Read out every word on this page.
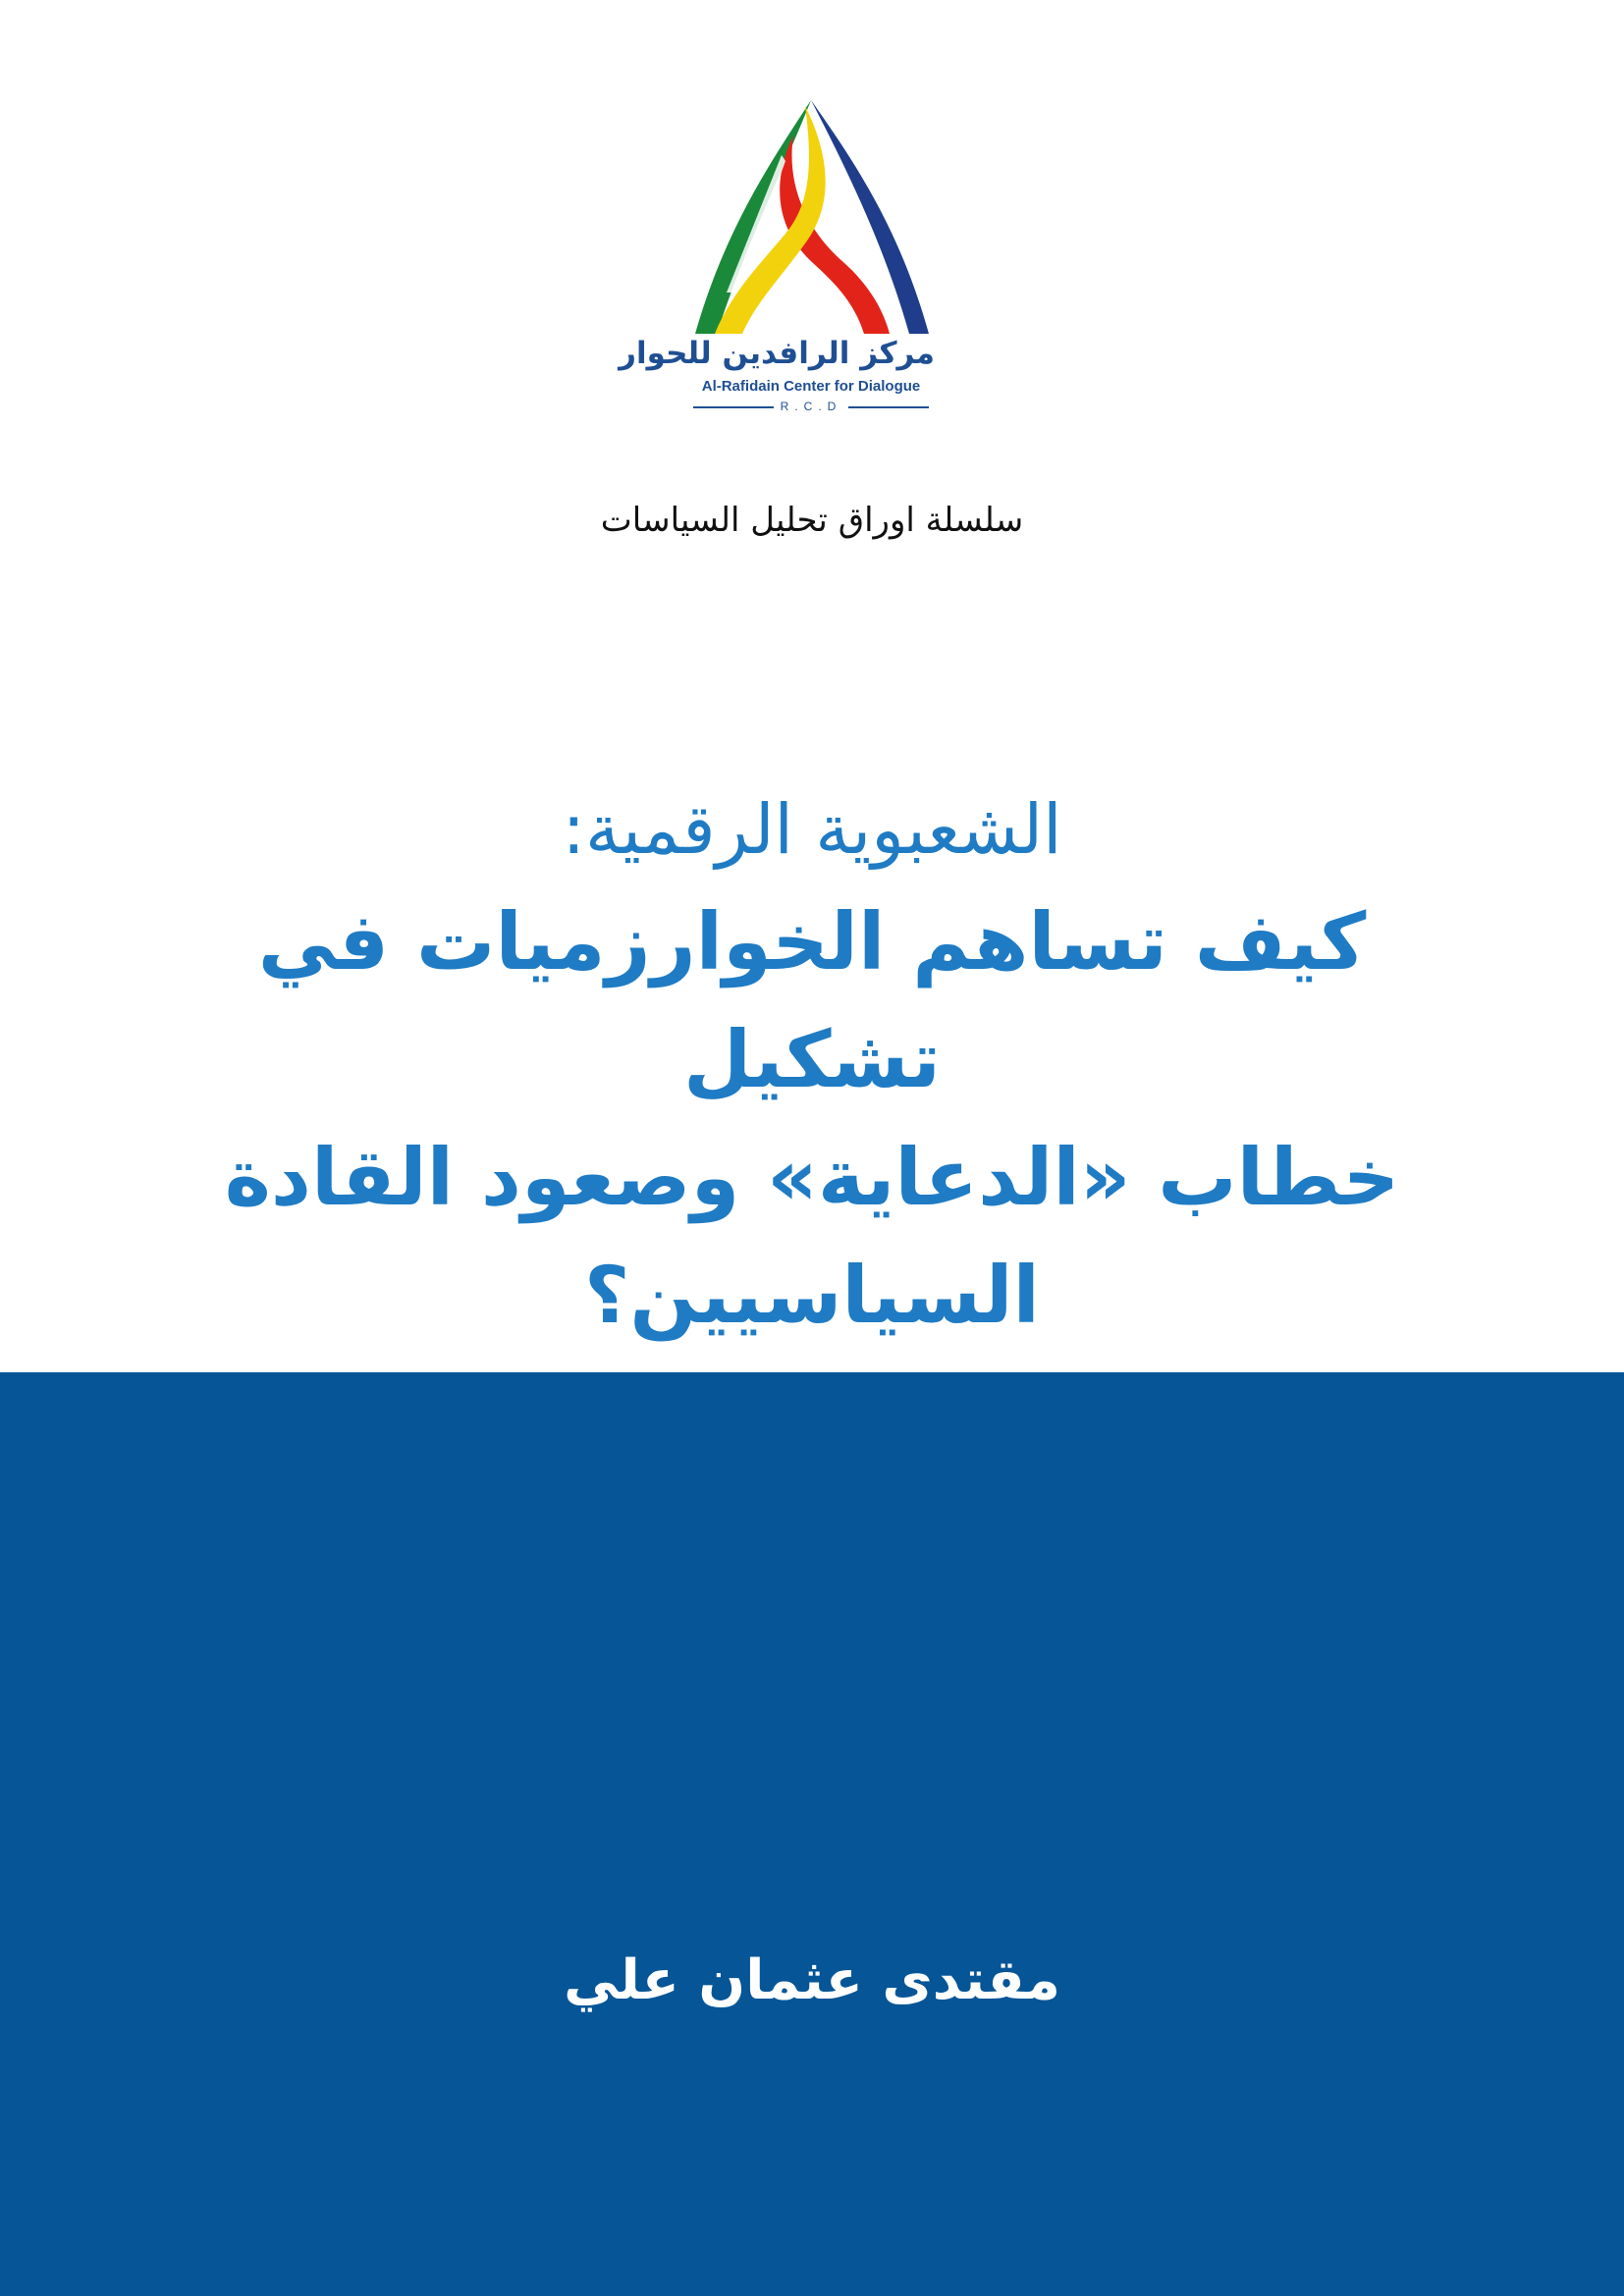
مركز الرافدين للحوار
Al-Rafidain Center for Dialogue
R.C.D
سلسلة اوراق تحليل السياسات
الشعبوية الرقمية:
كيف تساهم الخوارزميات في تشكيل
خطاب «الدعاية» وصعود القادة
السياسيين؟
مقتدى عثمان علي
